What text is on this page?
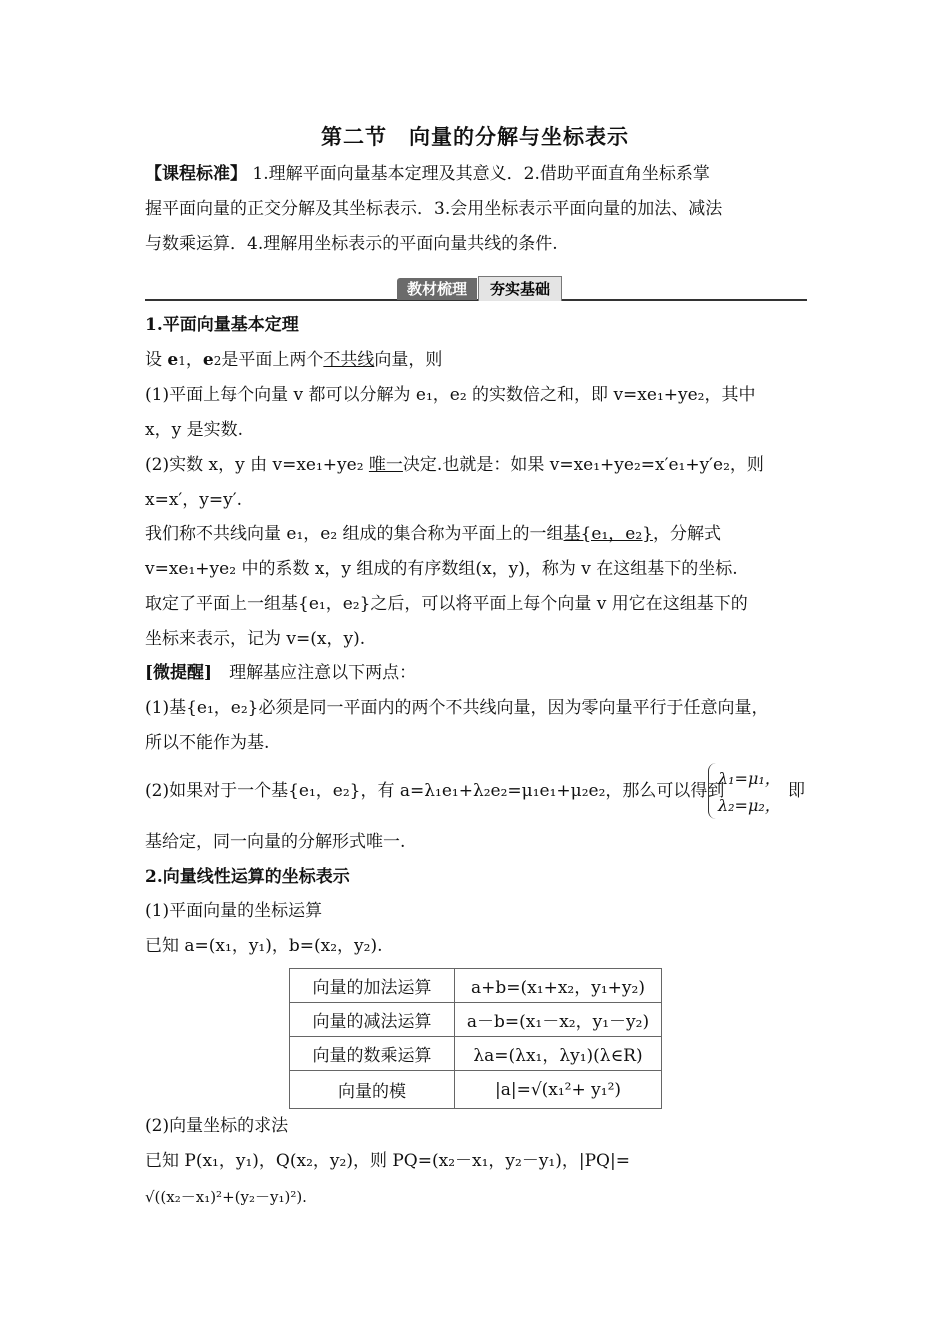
第二节　向量的分解与坐标表示
【课程标准】 1.理解平面向量基本定理及其意义．2.借助平面直角坐标系掌
握平面向量的正交分解及其坐标表示．3.会用坐标表示平面向量的加法、减法
与数乘运算．4.理解用坐标表示的平面向量共线的条件.
教材梳理	夯实基础
1.平面向量基本定理
设 e1，e2是平面上两个不共线向量，则
(1)平面上每个向量 v 都可以分解为 e₁，e₂ 的实数倍之和，即 v=xe₁+ye₂，其中
x，y 是实数.
(2)实数 x，y 由 v=xe₁+ye₂ 唯一决定.也就是：如果 v=xe₁+ye₂=x′e₁+y′e₂，则
x=x′，y=y′.
我们称不共线向量 e₁，e₂ 组成的集合称为平面上的一组基{e₁，e₂}，分解式
v=xe₁+ye₂ 中的系数 x，y 组成的有序数组(x，y)，称为 v 在这组基下的坐标.
取定了平面上一组基{e₁，e₂}之后，可以将平面上每个向量 v 用它在这组基下的
坐标来表示，记为 v=(x，y).
[微提醒]　理解基应注意以下两点：
(1)基{e₁，e₂}必须是同一平面内的两个不共线向量，因为零向量平行于任意向量，
所以不能作为基.
(2)如果对于一个基{e₁，e₂}，有 a=λ₁e₁+λ₂e₂=μ₁e₁+μ₂e₂，那么可以得到
λ₁=μ₁，
λ₂=μ₂，
即
基给定，同一向量的分解形式唯一.
2.向量线性运算的坐标表示
(1)平面向量的坐标运算
已知 a=(x₁，y₁)，b=(x₂，y₂).
向量的加法运算	a+b=(x₁+x₂，y₁+y₂)
向量的减法运算	a－b=(x₁－x₂，y₁－y₂)
向量的数乘运算	λa=(λx₁，λy₁)(λ∈R)
向量的模	|a|=√(x₁²+ y₁²)
(2)向量坐标的求法
已知 P(x₁，y₁)，Q(x₂，y₂)，则 PQ=(x₂－x₁，y₂－y₁)，|PQ|=
√((x₂－x₁)²+(y₂－y₁)²).
